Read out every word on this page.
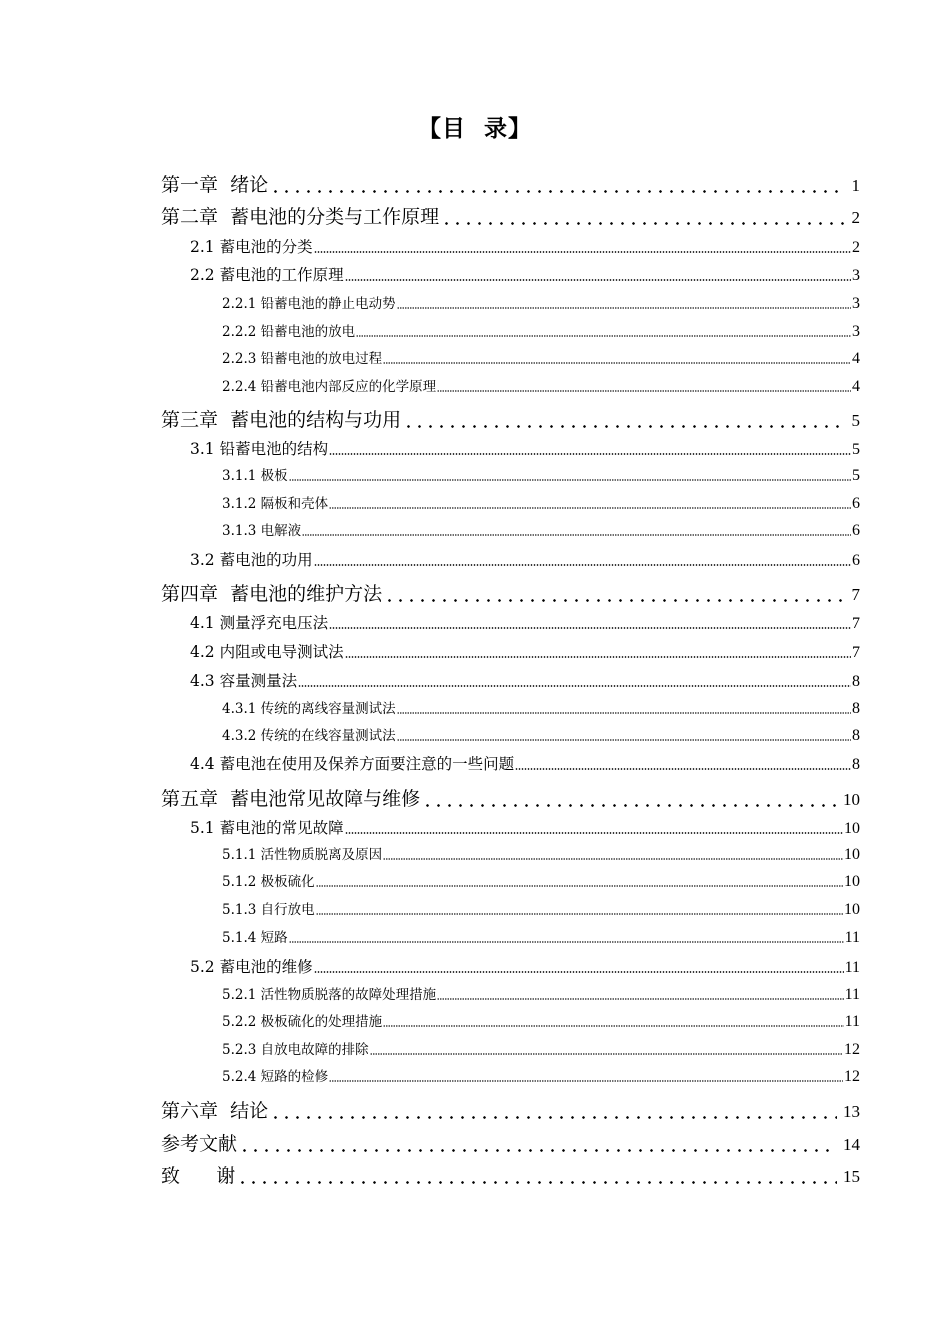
【目  录】
第一章  绪论	1
第二章  蓄电池的分类与工作原理	2
2.1 蓄电池的分类	2
2.2 蓄电池的工作原理	3
2.2.1 铅蓄电池的静止电动势	3
2.2.2 铅蓄电池的放电	3
2.2.3 铅蓄电池的放电过程	4
2.2.4 铅蓄电池内部反应的化学原理	4
第三章  蓄电池的结构与功用	5
3.1 铅蓄电池的结构	5
3.1.1 极板	5
3.1.2 隔板和壳体	6
3.1.3 电解液	6
3.2 蓄电池的功用	6
第四章  蓄电池的维护方法	7
4.1 测量浮充电压法	7
4.2 内阻或电导测试法	7
4.3 容量测量法	8
4.3.1 传统的离线容量测试法	8
4.3.2 传统的在线容量测试法	8
4.4 蓄电池在使用及保养方面要注意的一些问题	8
第五章  蓄电池常见故障与维修	10
5.1 蓄电池的常见故障	10
5.1.1 活性物质脱离及原因	10
5.1.2 极板硫化	10
5.1.3 自行放电	10
5.1.4 短路	11
5.2 蓄电池的维修	11
5.2.1 活性物质脱落的故障处理措施	11
5.2.2 极板硫化的处理措施	11
5.2.3 自放电故障的排除	12
5.2.4 短路的检修	12
第六章  结论	13
参考文献	14
致      谢	15
